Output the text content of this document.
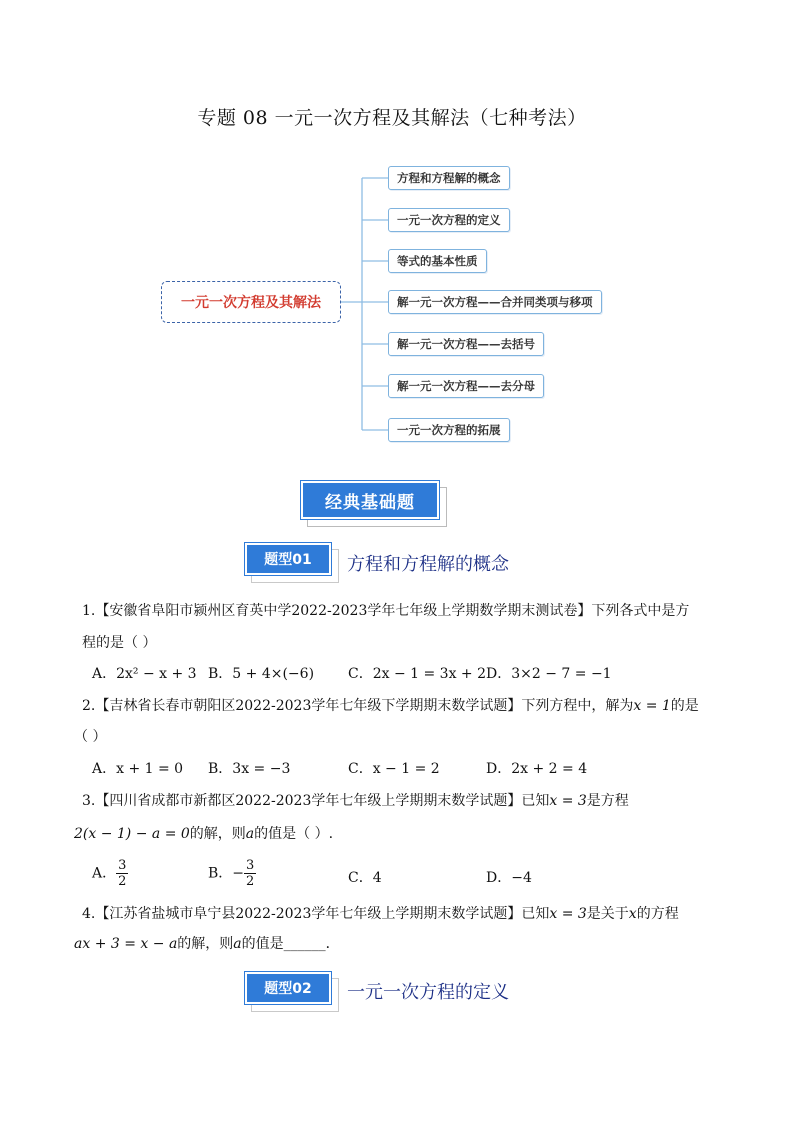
专题 08 一元一次方程及其解法（七种考法）
一元一次方程及其解法
方程和方程解的概念
一元一次方程的定义
等式的基本性质
解一元一次方程——合并同类项与移项
解一元一次方程——去括号
解一元一次方程——去分母
一元一次方程的拓展
经典基础题
题型01	方程和方程解的概念
1.【安徽省阜阳市颍州区育英中学2022-2023学年七年级上学期数学期末测试卷】下列各式中是方
程的是（ ）
A．2x² − x + 3 B．5 + 4×(−6) C．2x − 1 = 3x + 2 D．3×2 − 7 = −1
2.【吉林省长春市朝阳区2022-2023学年七年级下学期期末数学试题】下列方程中，解为x = 1的是
（ ）
A．x + 1 = 0 B．3x = −3	C．x − 1 = 2	D．2x + 2 = 4
3.【四川省成都市新都区2022-2023学年七年级上学期期末数学试题】已知x = 3是方程
2(x − 1) − a = 0的解，则a的值是（ ）.
A． $\frac{3}{2}$	B．− $\frac{3}{2}$	C．4	D．−4
4.【江苏省盐城市阜宁县2022-2023学年七年级上学期期末数学试题】已知x = 3是关于x的方程
ax + 3 = x − a的解，则a的值是______．
题型02	一元一次方程的定义
